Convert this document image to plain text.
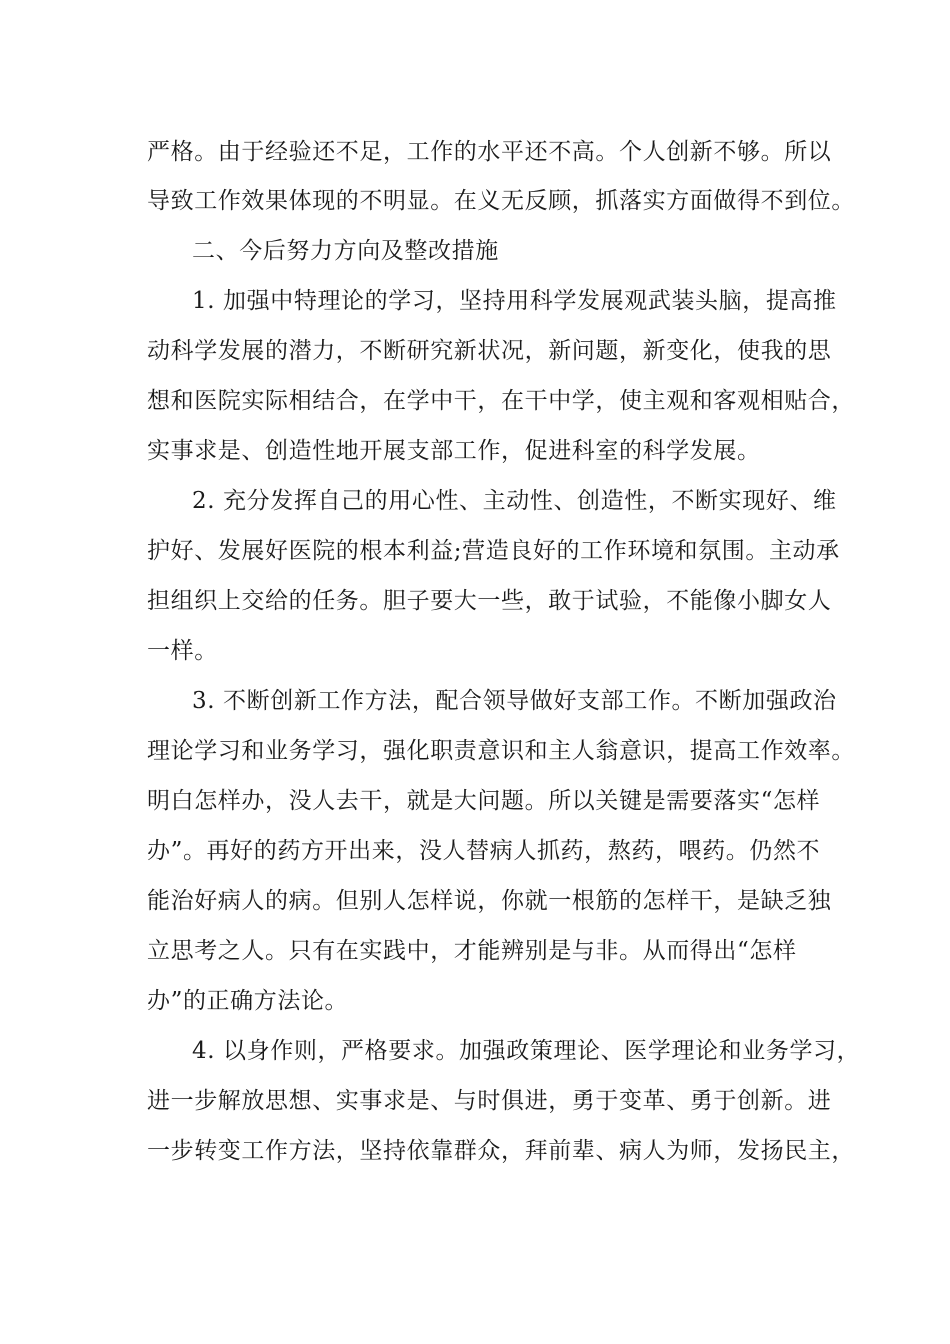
严格。由于经验还不足，工作的水平还不高。个人创新不够。所以
导致工作效果体现的不明显。在义无反顾，抓落实方面做得不到位。
二、今后努力方向及整改措施
1. 加强中特理论的学习，坚持用科学发展观武装头脑，提高推
动科学发展的潜力，不断研究新状况，新问题，新变化，使我的思
想和医院实际相结合，在学中干，在干中学，使主观和客观相贴合，
实事求是、创造性地开展支部工作，促进科室的科学发展。
2. 充分发挥自己的用心性、主动性、创造性，不断实现好、维
护好、发展好医院的根本利益;营造良好的工作环境和氛围。主动承
担组织上交给的任务。胆子要大一些，敢于试验，不能像小脚女人
一样。
3. 不断创新工作方法，配合领导做好支部工作。不断加强政治
理论学习和业务学习，强化职责意识和主人翁意识，提高工作效率。
明白怎样办，没人去干，就是大问题。所以关键是需要落实“怎样
办”。再好的药方开出来，没人替病人抓药，熬药，喂药。仍然不
能治好病人的病。但别人怎样说，你就一根筋的怎样干，是缺乏独
立思考之人。只有在实践中，才能辨别是与非。从而得出“怎样
办”的正确方法论。
4. 以身作则，严格要求。加强政策理论、医学理论和业务学习，
进一步解放思想、实事求是、与时俱进，勇于变革、勇于创新。进
一步转变工作方法，坚持依靠群众，拜前辈、病人为师，发扬民主，
